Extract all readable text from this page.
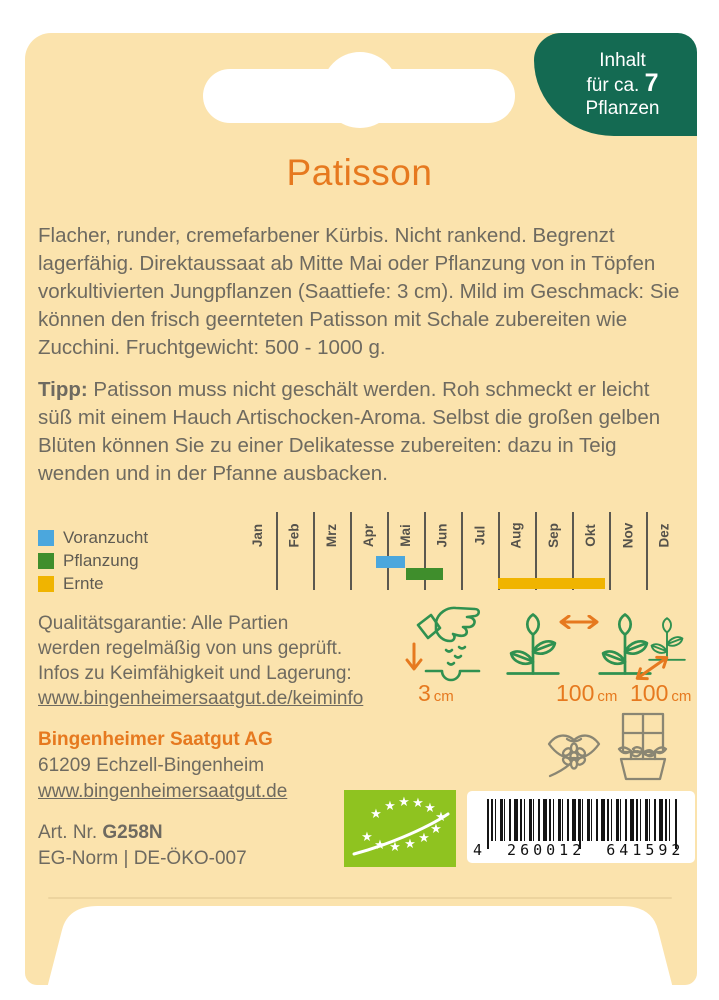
Inhalt
für ca. 7
Pflanzen
Patisson
Flacher, runder, cremefarbener Kürbis. Nicht rankend. Begrenzt lagerfähig. Direktaussaat ab Mitte Mai oder Pflanzung von in Töpfen vorkultivierten Jungpflanzen (Saattiefe: 3 cm). Mild im Geschmack: Sie können den frisch geernteten Patisson mit Schale zubereiten wie Zucchini. Fruchtgewicht: 500 - 1000 g.
Tipp: Patisson muss nicht geschält werden. Roh schmeckt er leicht süß mit einem Hauch Artischocken-Aroma. Selbst die großen gelben Blüten können Sie zu einer Delikatesse zubereiten: dazu in Teig wenden und in der Pfanne ausbacken.
Voranzucht
Pflanzung
Ernte
Jan Feb Mrz Apr Mai Jun Jul Aug Sep Okt Nov Dez
Qualitätsgarantie: Alle Partien
werden regelmäßig von uns geprüft.
Infos zu Keimfähigkeit und Lagerung:
www.bingenheimersaatgut.de/keiminfo 3 cm	100 cm 100 cm
Bingenheimer Saatgut AG
61209 Echzell-Bingenheim
www.bingenheimersaatgut.de
Art. Nr. G258N
EG-Norm | DE-ÖKO-007
★
★ ★ ★ ★
★
★
★
★
★
★
★
4 260012 641592
